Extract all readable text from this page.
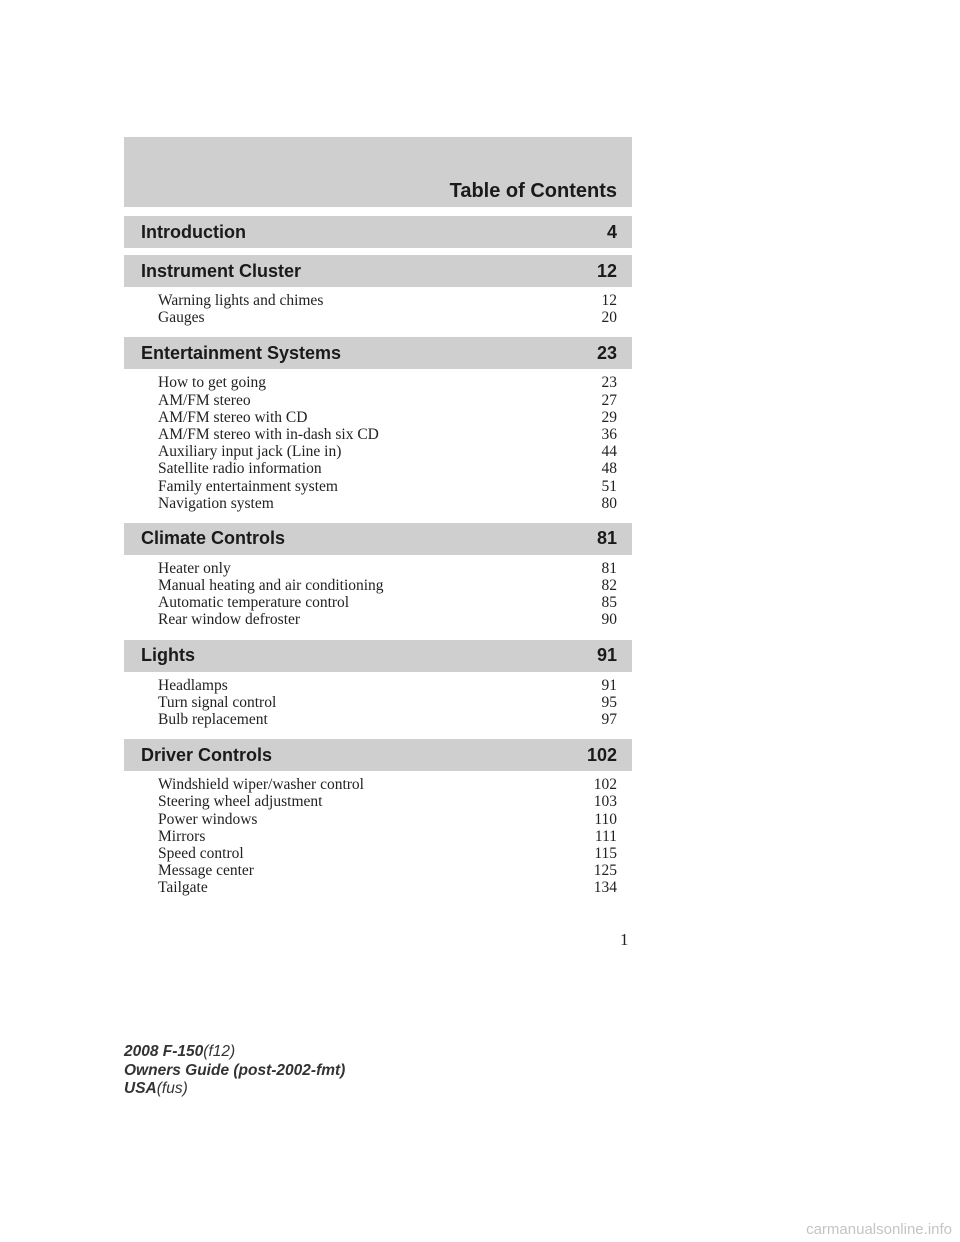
Table of Contents
Introduction	4
Instrument Cluster	12
Warning lights and chimes	12
Gauges	20
Entertainment Systems	23
How to get going	23
AM/FM stereo	27
AM/FM stereo with CD	29
AM/FM stereo with in-dash six CD	36
Auxiliary input jack (Line in)	44
Satellite radio information	48
Family entertainment system	51
Navigation system	80
Climate Controls	81
Heater only	81
Manual heating and air conditioning	82
Automatic temperature control	85
Rear window defroster	90
Lights	91
Headlamps	91
Turn signal control	95
Bulb replacement	97
Driver Controls	102
Windshield wiper/washer control	102
Steering wheel adjustment	103
Power windows	110
Mirrors	111
Speed control	115
Message center	125
Tailgate	134
1
2008 F-150(f12)
Owners Guide (post-2002-fmt)
USA(fus)
carmanualsonline.info
